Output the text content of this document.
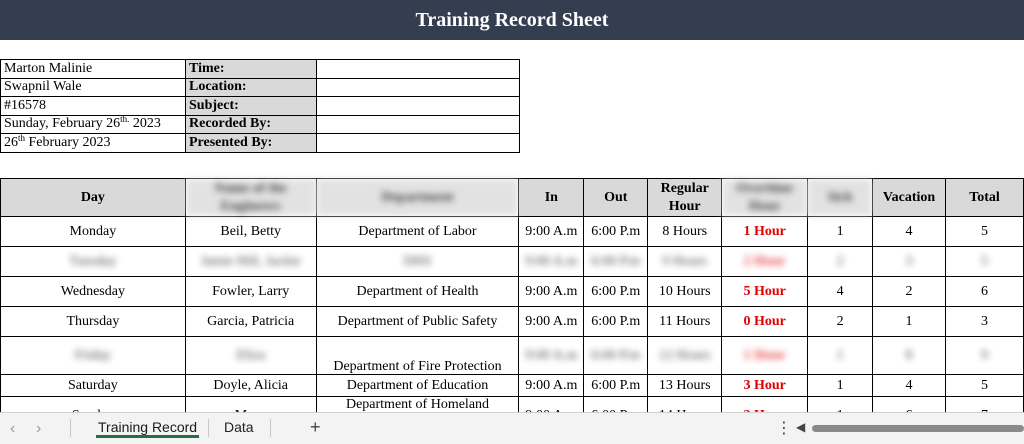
Training Record Sheet
Marton Malinie	Time:	
Swapnil Wale	Location:	
#16578	Subject:	
Sunday, February $26^{th.}$ 2023	Recorded By:	
26th February 2023	Presented By:	
Day	Name of the Engineers	Department	In	Out	Regular Hour	Overtime Hour	Sick	Vacation	Total
Monday	Beil, Betty	Department of Labor	9:00 A.m	6:00 P.m	8 Hours	1 Hour	1	4	5
Tuesday	Jamie Hill, Jackie	DHS	9:00 A.m	6:00 P.m	9 Hours	2 Hour	2	3	5
Wednesday	Fowler, Larry	Department of Health	9:00 A.m	6:00 P.m	10 Hours	5 Hour	4	2	6
Thursday	Garcia, Patricia	Department of Public Safety	9:00 A.m	6:00 P.m	11 Hours	0 Hour	2	1	3
Friday	Eliza	Department of Fire Protection	9:00 A.m	6:00 P.m	12 Hours	1 Hour	1	8	9
Saturday	Doyle, Alicia	Department of Education	9:00 A.m	6:00 P.m	13 Hours	3 Hour	1	4	5
		Department of Homeland							
‹ ›	Training Record	Data	+	⋮ ◀
